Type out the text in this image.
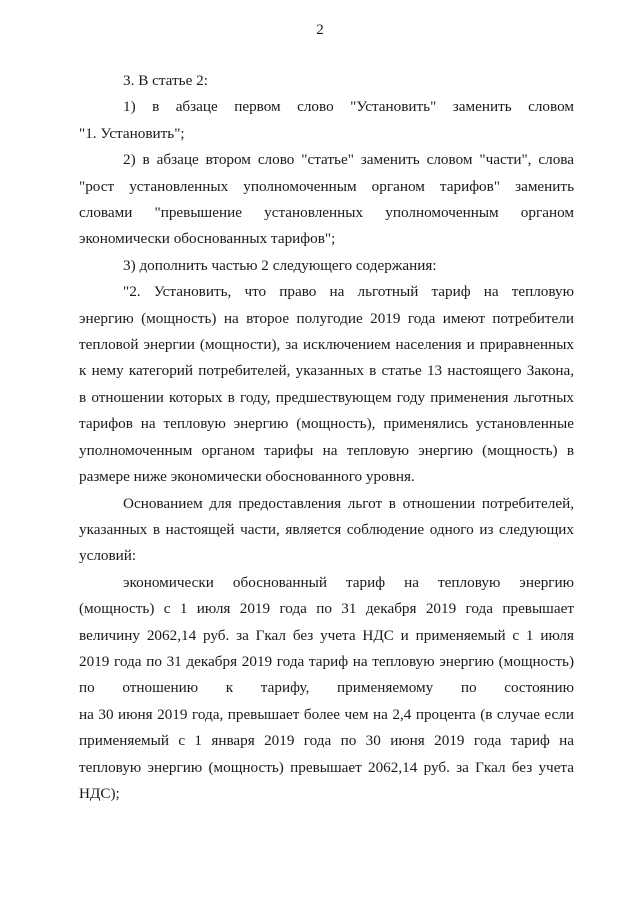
2

3. В статье 2:

1) в абзаце первом слово "Установить" заменить словом

"1. Установить";

2) в абзаце втором слово "статье" заменить словом "части", слова

"рост установленных уполномоченным органом тарифов" заменить

словами "превышение установленных уполномоченным органом

экономически обоснованных тарифов";

3) дополнить частью 2 следующего содержания:

"2. Установить, что право на льготный тариф на тепловую

энергию (мощность) на второе полугодие 2019 года имеют потребители

тепловой энергии (мощности), за исключением населения и приравненных

к нему категорий потребителей, указанных в статье 13 настоящего Закона,

в отношении которых в году, предшествующем году применения льготных

тарифов на тепловую энергию (мощность), применялись установленные

уполномоченным органом тарифы на тепловую энергию (мощность) в

размере ниже экономически обоснованного уровня.

Основанием для предоставления льгот в отношении потребителей,

указанных в настоящей части, является соблюдение одного из следующих

условий:

экономически обоснованный тариф на тепловую энергию

(мощность) с 1 июля 2019 года по 31 декабря 2019 года превышает

величину 2062,14 руб. за Гкал без учета НДС и применяемый с 1 июля

2019 года по 31 декабря 2019 года тариф на тепловую энергию (мощность)

по отношению к тарифу, применяемому по состоянию

на 30 июня 2019 года, превышает более чем на 2,4 процента (в случае если

применяемый с 1 января 2019 года по 30 июня 2019 года тариф на

тепловую энергию (мощность) превышает 2062,14 руб. за Гкал без учета

НДС);
